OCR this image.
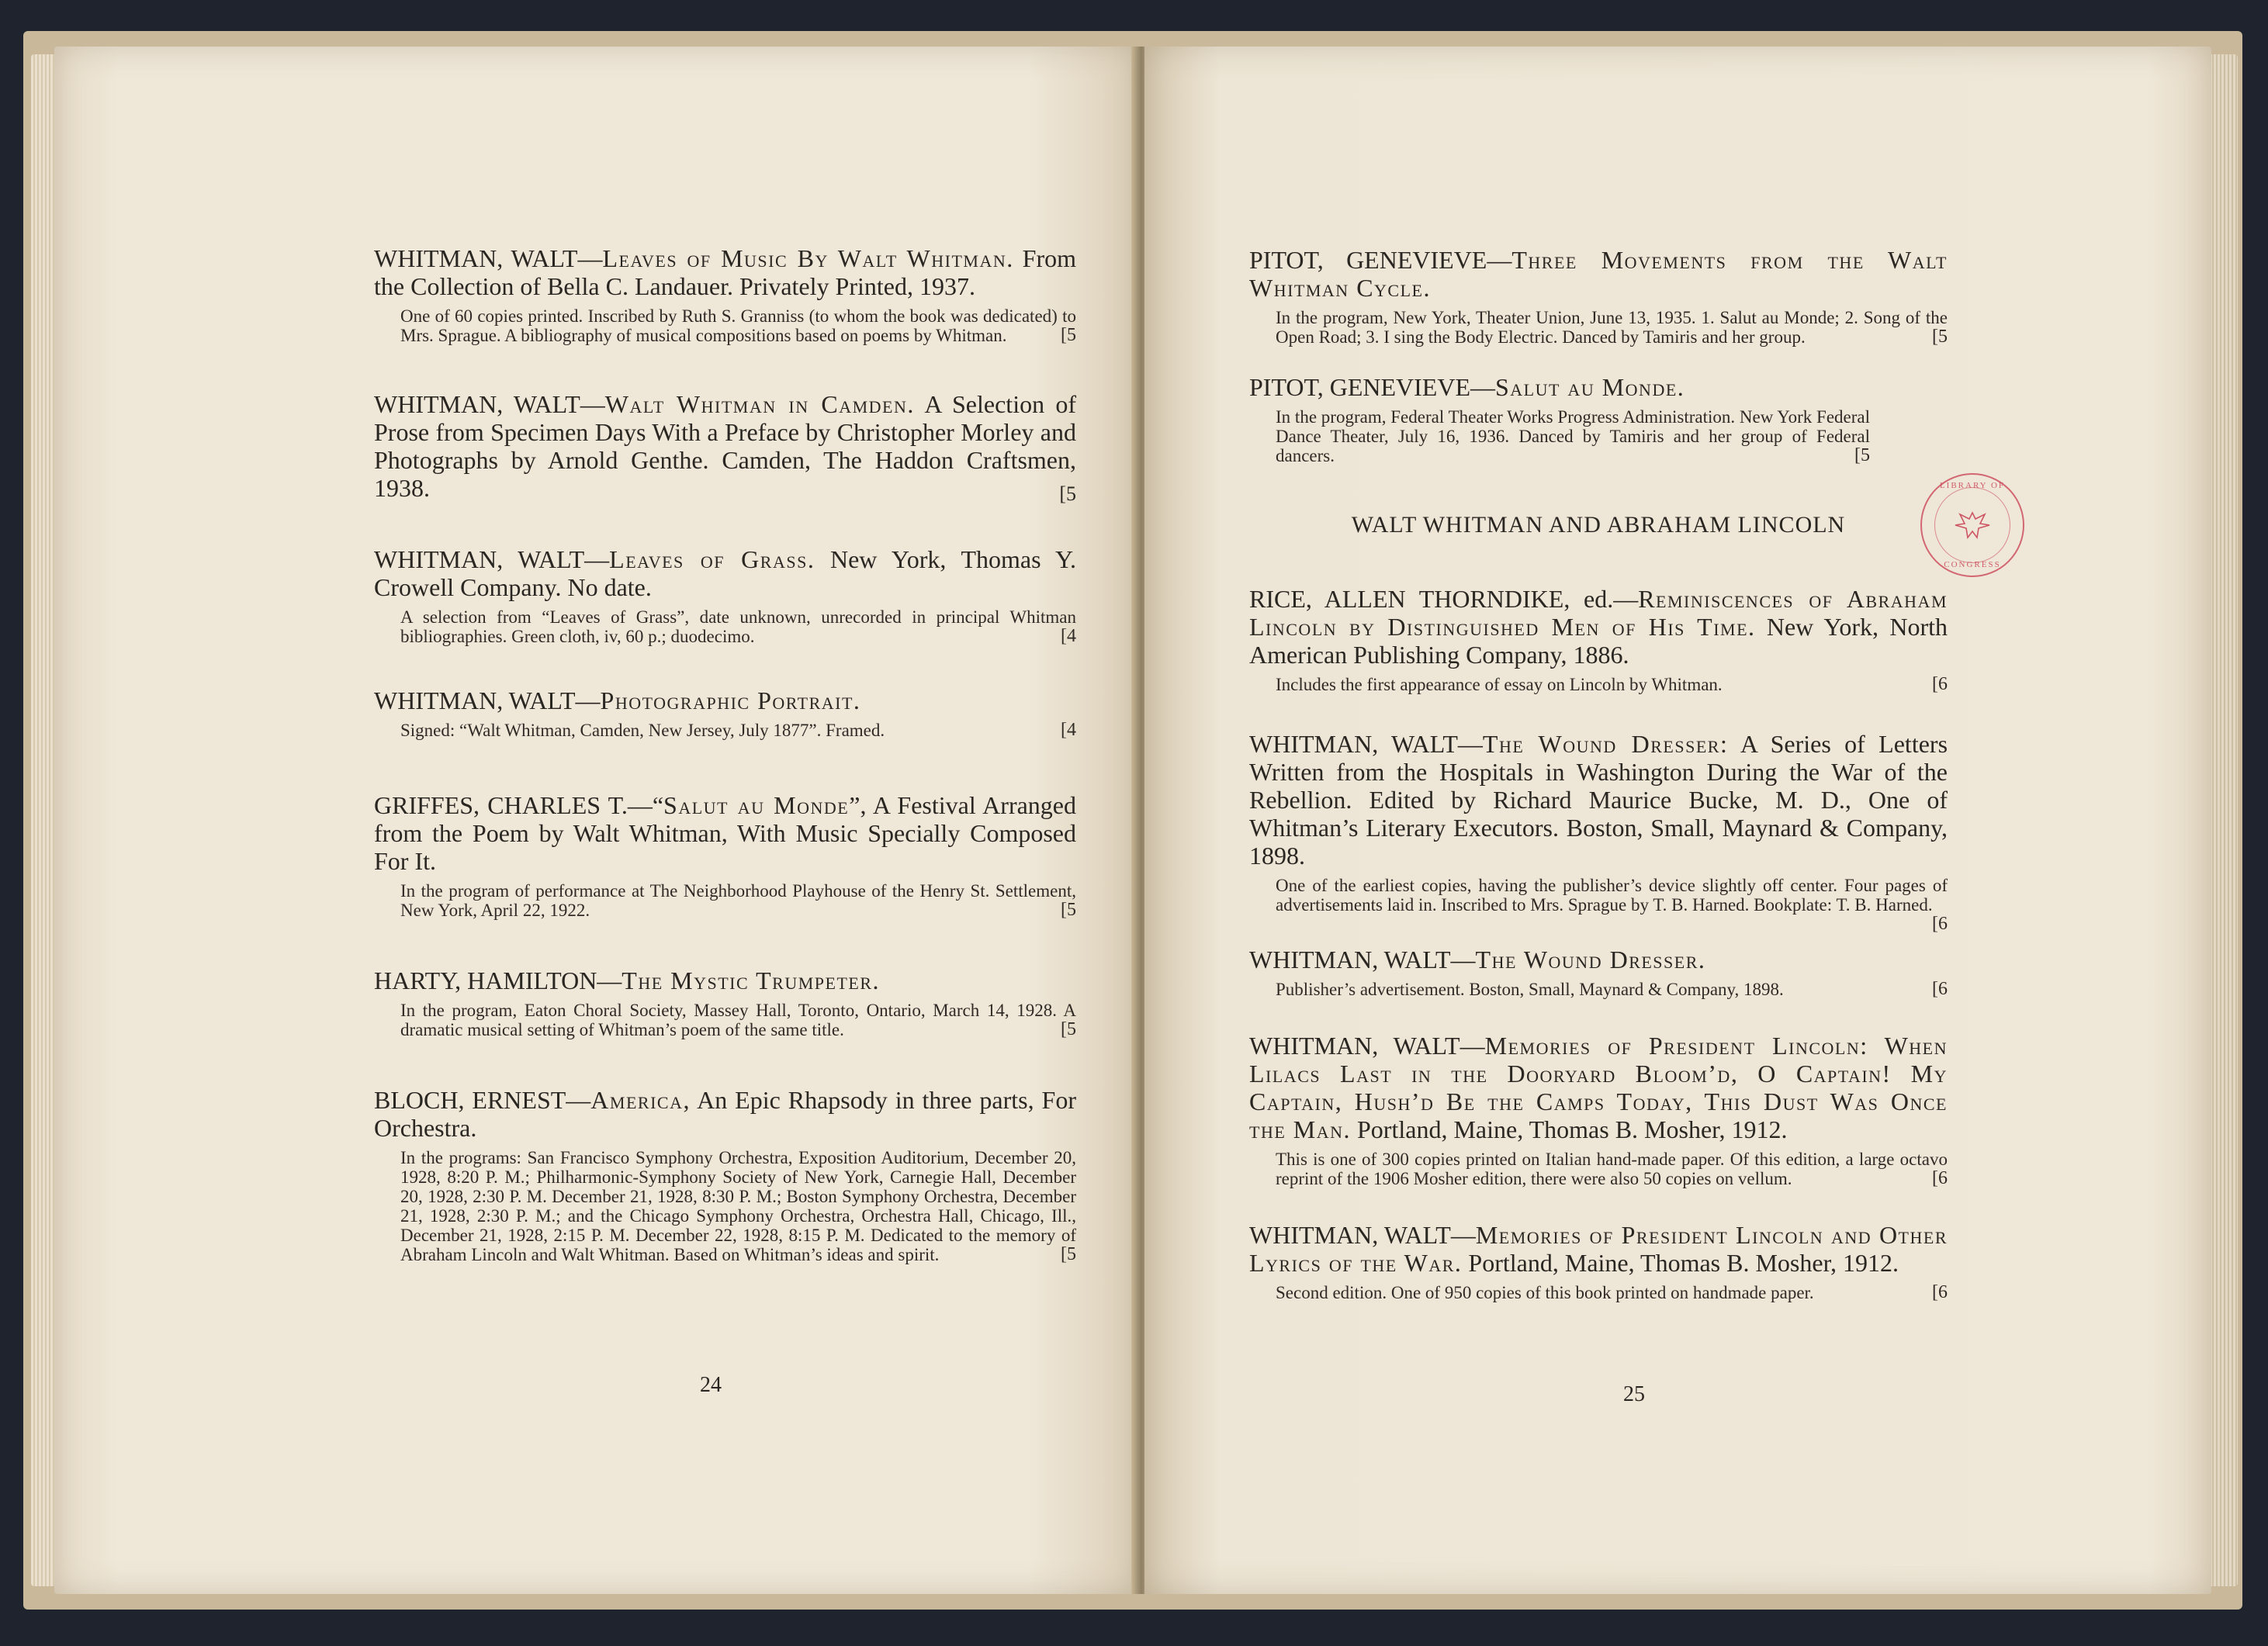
WHITMAN, WALT—Leaves of Music By Walt Whitman. From the Collection of Bella C. Landauer. Privately Printed, 1937.

One of 60 copies printed. Inscribed by Ruth S. Granniss (to whom the book was dedicated) to Mrs. Sprague. A bibliography of musical compositions based on poems by Whitman.	[5

WHITMAN, WALT—Walt Whitman in Camden. A Selection of Prose from Specimen Days With a Preface by Christopher Morley and Photographs by Arnold Genthe. Camden, The Haddon Craftsmen, 1938.	[5

WHITMAN, WALT—Leaves of Grass. New York, Thomas Y. Crowell Company. No date.

A selection from “Leaves of Grass”, date unknown, unrecorded in principal Whitman bibliographies. Green cloth, iv, 60 p.; duodecimo.	[4

WHITMAN, WALT—Photographic Portrait.

Signed: “Walt Whitman, Camden, New Jersey, July 1877”. Framed.	[4

GRIFFES, CHARLES T.—“Salut au Monde”, A Festival Arranged from the Poem by Walt Whitman, With Music Specially Composed For It.

In the program of performance at The Neighborhood Playhouse of the Henry St. Settlement, New York, April 22, 1922.	[5

HARTY, HAMILTON—The Mystic Trumpeter.

In the program, Eaton Choral Society, Massey Hall, Toronto, Ontario, March 14, 1928. A dramatic musical setting of Whitman’s poem of the same title.	[5

BLOCH, ERNEST—America, An Epic Rhapsody in three parts, For Orchestra.

In the programs: San Francisco Symphony Orchestra, Exposition Auditorium, December 20, 1928, 8:20 P. M.; Philharmonic-Symphony Society of New York, Carnegie Hall, December 20, 1928, 2:30 P. M. December 21, 1928, 8:30 P. M.; Boston Symphony Orchestra, December 21, 1928, 2:30 P. M.; and the Chicago Symphony Orchestra, Orchestra Hall, Chicago, Ill., December 21, 1928, 2:15 P. M. December 22, 1928, 8:15 P. M. Dedicated to the memory of Abraham Lincoln and Walt Whitman. Based on Whitman’s ideas and spirit.	[5

24

PITOT, GENEVIEVE—Three Movements from the Walt Whitman Cycle.

In the program, New York, Theater Union, June 13, 1935. 1. Salut au Monde; 2. Song of the Open Road; 3. I sing the Body Electric. Danced by Tamiris and her group.	[5

PITOT, GENEVIEVE—Salut au Monde.

In the program, Federal Theater Works Progress Administration. New York Federal Dance Theater, July 16, 1936. Danced by Tamiris and her group of Federal dancers.	[5

WALT WHITMAN AND ABRAHAM LINCOLN

RICE, ALLEN THORNDIKE, ed.—Reminiscences of Abraham Lincoln by Distinguished Men of His Time. New York, North American Publishing Company, 1886.

Includes the first appearance of essay on Lincoln by Whitman.	[6

WHITMAN, WALT—The Wound Dresser: A Series of Letters Written from the Hospitals in Washington During the War of the Rebellion. Edited by Richard Maurice Bucke, M. D., One of Whitman’s Literary Executors. Boston, Small, Maynard & Company, 1898.

One of the earliest copies, having the publisher’s device slightly off center. Four pages of advertisements laid in. Inscribed to Mrs. Sprague by T. B. Harned. Bookplate: T. B. Harned.
[6

WHITMAN, WALT—The Wound Dresser.

Publisher’s advertisement. Boston, Small, Maynard & Company, 1898.	[6

WHITMAN, WALT—Memories of President Lincoln: When Lilacs Last in the Dooryard Bloom’d, O Captain! My Captain, Hush’d Be the Camps Today, This Dust Was Once the Man. Portland, Maine, Thomas B. Mosher, 1912.

This is one of 300 copies printed on Italian hand-made paper. Of this edition, a large octavo reprint of the 1906 Mosher edition, there were also 50 copies on vellum.	[6

WHITMAN, WALT—Memories of President Lincoln and Other Lyrics of the War. Portland, Maine, Thomas B. Mosher, 1912.

Second edition. One of 950 copies of this book printed on handmade paper.	[6

25
LIBRARY OF
CONGRESS
